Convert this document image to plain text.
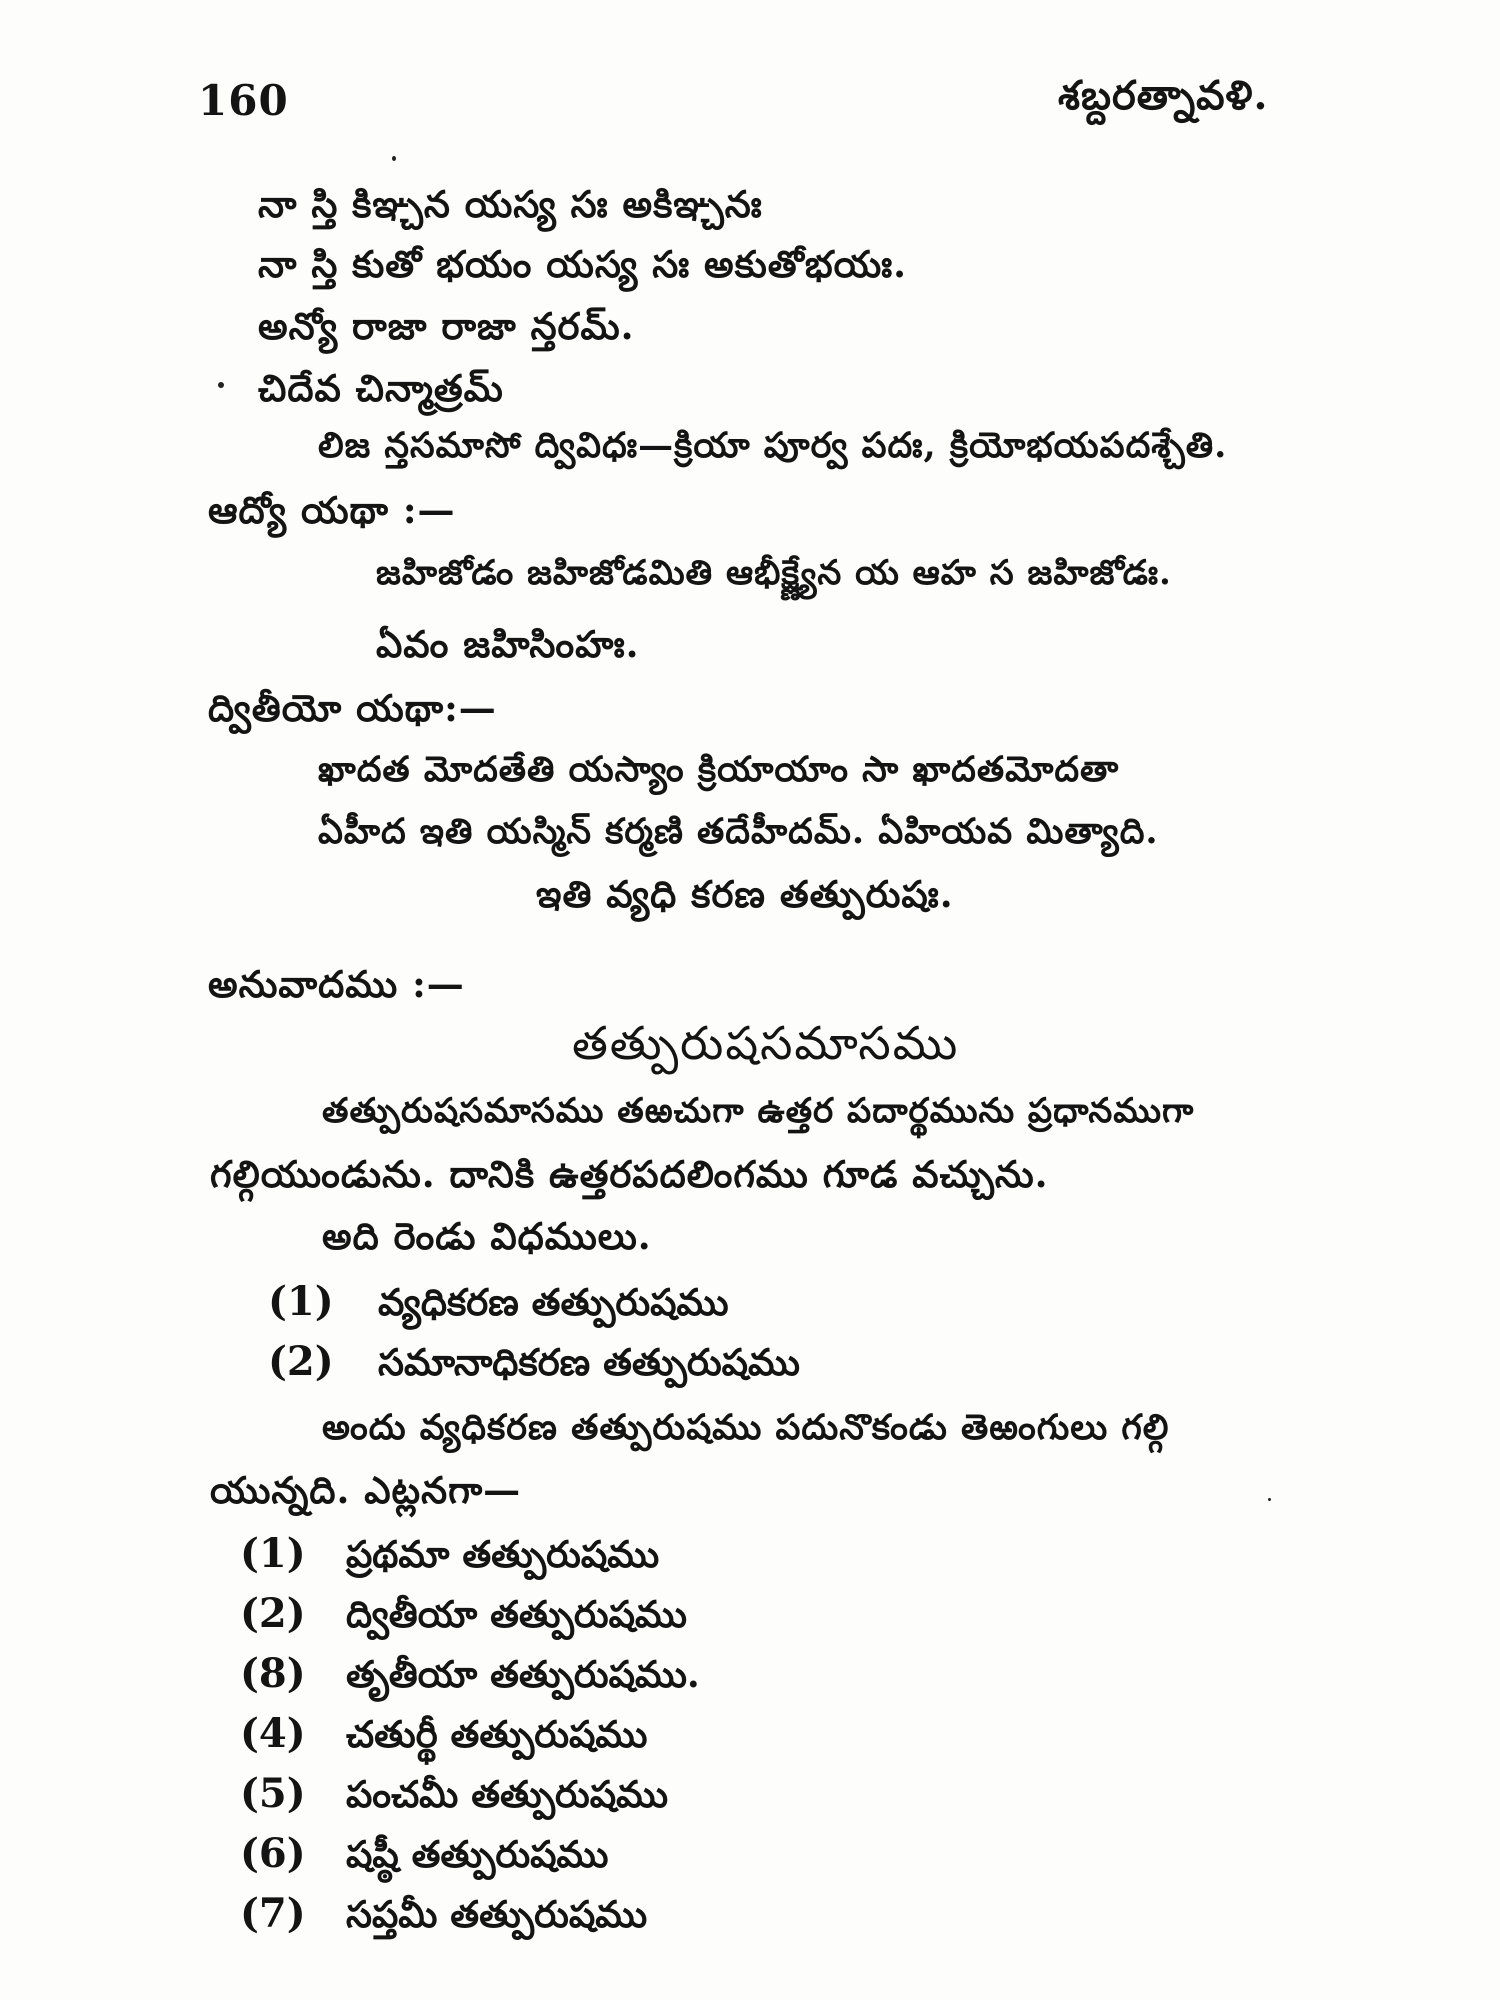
160	శబ్దరత్నావళి.
నా స్తి కిఞ్చన యస్య సః అకిఞ్చనః
నా స్తి కుతో భయం యస్య సః అకుతోభయః.
అన్యో రాజా రాజా న్తరమ్.
చిదేవ చిన్మాత్రమ్
లిజ న్తసమాసో ద్వివిధః—క్రియా పూర్వ పదః, క్రియోభయపదశ్చేతి.
ఆద్యో యథా :—
జహిజోడం జహిజోడమితి ఆభీక్ష్ణ్యేన య ఆహ స జహిజోడః.
ఏవం జహిసింహః.
ద్వితీయో యథా:—
ఖాదత మోదతేతి యస్యాం క్రియాయాం సా ఖాదతమోదతా
ఏహీద ఇతి యస్మిన్ కర్మణి తదేహీదమ్. ఏహియవ మిత్యాది.
ఇతి వ్యధి కరణ తత్పురుషః.
అనువాదము :—
తత్పురుషసమాసము
తత్పురుషసమాసము తఱచుగా ఉత్తర పదార్థమును ప్రధానముగా
గల్గియుండును. దానికి ఉత్తరపదలింగము గూడ వచ్చును.
అది రెండు విధములు.
(1) వ్యధికరణ తత్పురుషము
(2) సమానాధికరణ తత్పురుషము
అందు వ్యధికరణ తత్పురుషము పదునొకండు తెఱంగులు గల్గి
యున్నది. ఎట్లనగా—
(1) ప్రథమా తత్పురుషము
(2) ద్వితీయా తత్పురుషము
(8) తృతీయా తత్పురుషము.
(4) చతుర్థీ తత్పురుషము
(5) పంచమీ తత్పురుషము
(6) షష్ఠీ తత్పురుషము
(7) సప్తమీ తత్పురుషము
